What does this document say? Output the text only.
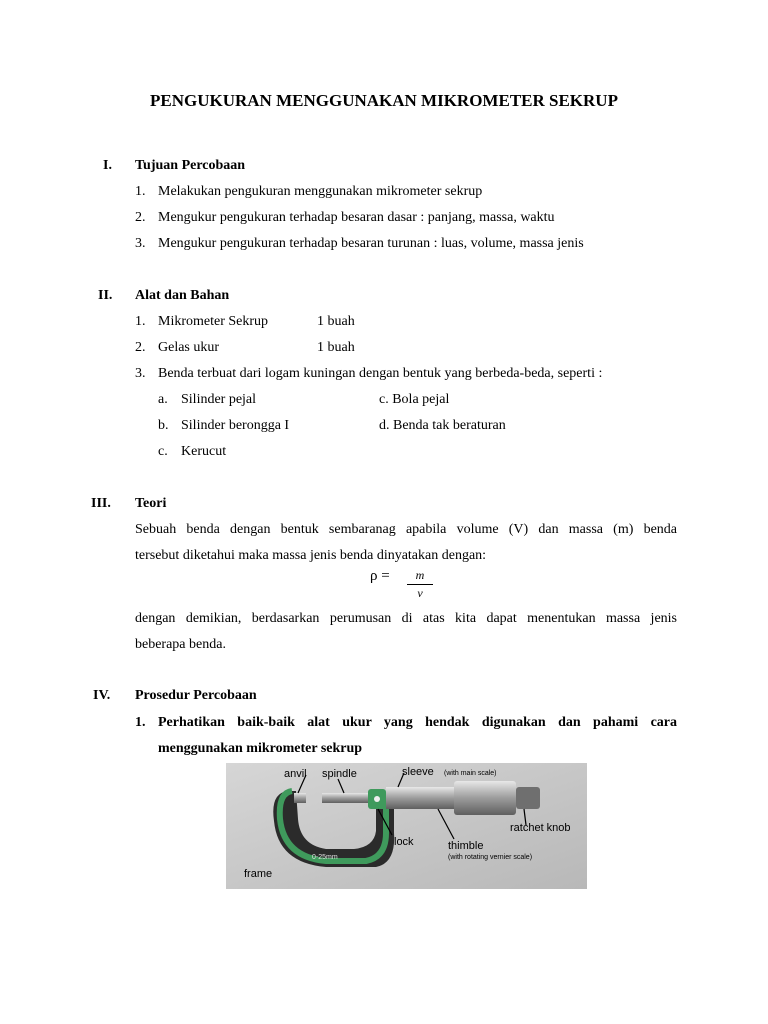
PENGUKURAN MENGGUNAKAN MIKROMETER SEKRUP
I. Tujuan Percobaan
1. Melakukan pengukuran menggunakan mikrometer sekrup
2. Mengukur pengukuran terhadap besaran dasar : panjang, massa, waktu
3. Mengukur pengukuran terhadap besaran turunan : luas, volume, massa jenis
II. Alat dan Bahan
1. Mikrometer Sekrup	1 buah
2. Gelas ukur	1 buah
3. Benda terbuat dari logam kuningan dengan bentuk yang berbeda-beda, seperti :
a. Silinder pejal	c. Bola pejal
b. Silinder berongga I	d. Benda tak beraturan
c. Kerucut
III. Teori
Sebuah benda dengan bentuk sembaranag apabila volume (V) dan massa (m) benda
tersebut diketahui maka massa jenis benda dinyatakan dengan:
ρ =	m
v
dengan demikian, berdasarkan perumusan di atas kita dapat menentukan massa jenis
beberapa benda.
IV. Prosedur Percobaan
1. Perhatikan baik-baik alat ukur yang hendak digunakan dan pahami cara
menggunakan mikrometer sekrup
0-25mm
anvil spindle	sleeve (with main scale)
ratchet knob
lock	thimble
(with rotating vernier scale)
frame
